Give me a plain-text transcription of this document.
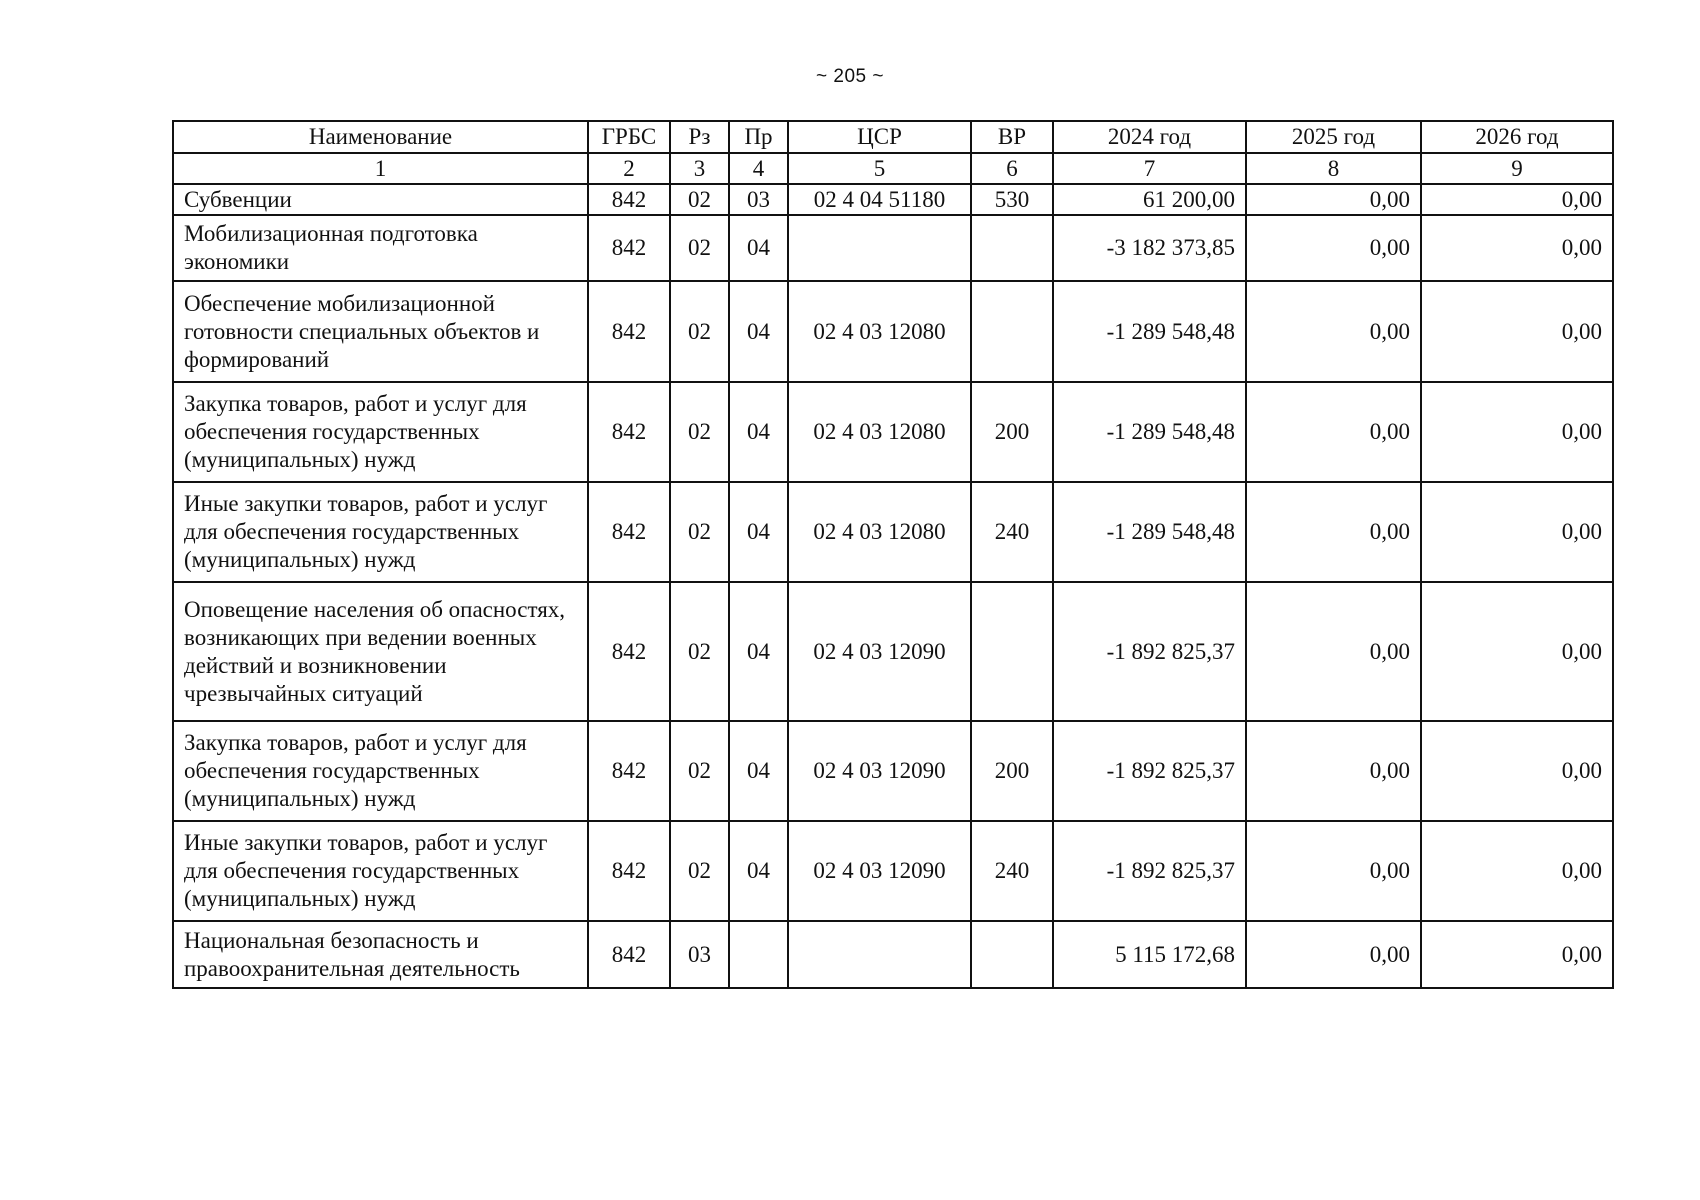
~ 205 ~
Наименование	ГРБС	Рз	Пр	ЦСР	ВР	2024 год	2025 год	2026 год
1	2	3	4	5	6	7	8	9
Субвенции	842	02	03	02 4 04 51180	530	61 200,00	0,00	0,00
Мобилизационная подготовка экономики	842	02	04			-3 182 373,85	0,00	0,00
Обеспечение мобилизационной готовности специальных объектов и формирований	842	02	04	02 4 03 12080		-1 289 548,48	0,00	0,00
Закупка товаров, работ и услуг для обеспечения государственных (муниципальных) нужд	842	02	04	02 4 03 12080	200	-1 289 548,48	0,00	0,00
Иные закупки товаров, работ и услуг для обеспечения государственных (муниципальных) нужд	842	02	04	02 4 03 12080	240	-1 289 548,48	0,00	0,00
Оповещение населения об опасностях, возникающих при ведении военных действий и возникновении чрезвычайных ситуаций	842	02	04	02 4 03 12090		-1 892 825,37	0,00	0,00
Закупка товаров, работ и услуг для обеспечения государственных (муниципальных) нужд	842	02	04	02 4 03 12090	200	-1 892 825,37	0,00	0,00
Иные закупки товаров, работ и услуг для обеспечения государственных (муниципальных) нужд	842	02	04	02 4 03 12090	240	-1 892 825,37	0,00	0,00
Национальная безопасность и правоохранительная деятельность	842	03				5 115 172,68	0,00	0,00
